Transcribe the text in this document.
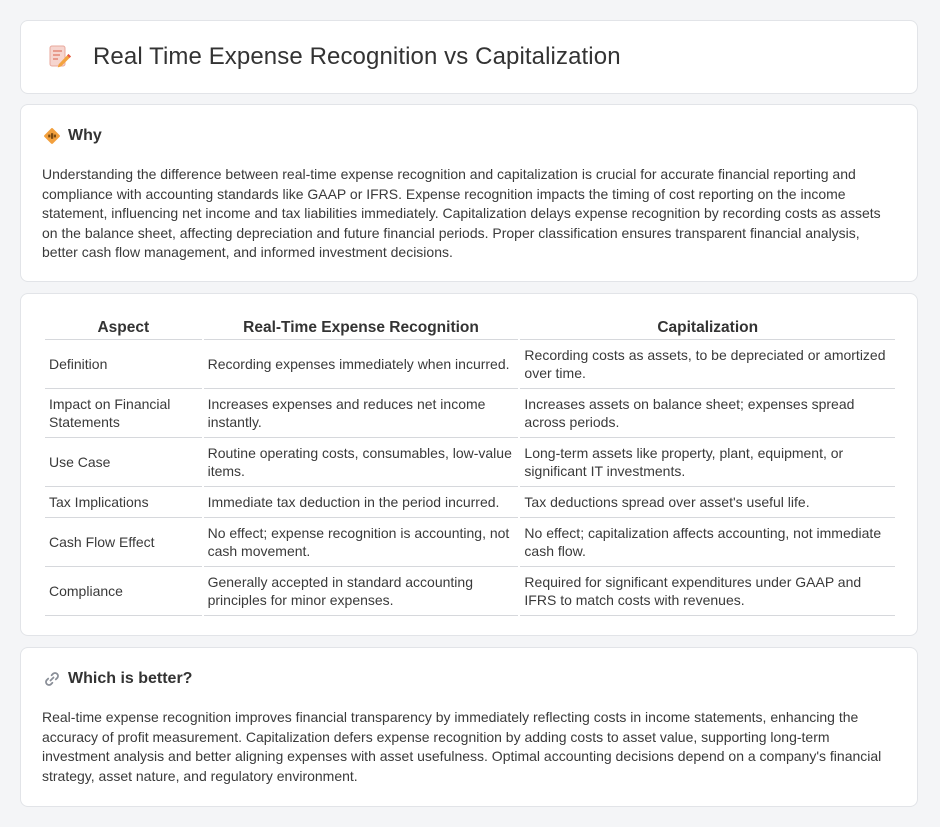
Real Time Expense Recognition vs Capitalization
Why

Understanding the difference between real-time expense recognition and capitalization is crucial for accurate financial reporting and compliance with accounting standards like GAAP or IFRS. Expense recognition impacts the timing of cost reporting on the income statement, influencing net income and tax liabilities immediately. Capitalization delays expense recognition by recording costs as assets on the balance sheet, affecting depreciation and future financial periods. Proper classification ensures transparent financial analysis, better cash flow management, and informed investment decisions.

Aspect	Real-Time Expense Recognition	Capitalization
Definition	Recording expenses immediately when incurred.	Recording costs as assets, to be depreciated or amortized over time.
Impact on Financial Statements	Increases expenses and reduces net income instantly.	Increases assets on balance sheet; expenses spread across periods.
Use Case	Routine operating costs, consumables, low-value items.	Long-term assets like property, plant, equipment, or significant IT investments.
Tax Implications	Immediate tax deduction in the period incurred.	Tax deductions spread over asset's useful life.
Cash Flow Effect	No effect; expense recognition is accounting, not cash movement.	No effect; capitalization affects accounting, not immediate cash flow.
Compliance	Generally accepted in standard accounting principles for minor expenses.	Required for significant expenditures under GAAP and IFRS to match costs with revenues.
Which is better?

Real-time expense recognition improves financial transparency by immediately reflecting costs in income statements, enhancing the accuracy of profit measurement. Capitalization defers expense recognition by adding costs to asset value, supporting long-term investment analysis and better aligning expenses with asset usefulness. Optimal accounting decisions depend on a company's financial strategy, asset nature, and regulatory environment.
